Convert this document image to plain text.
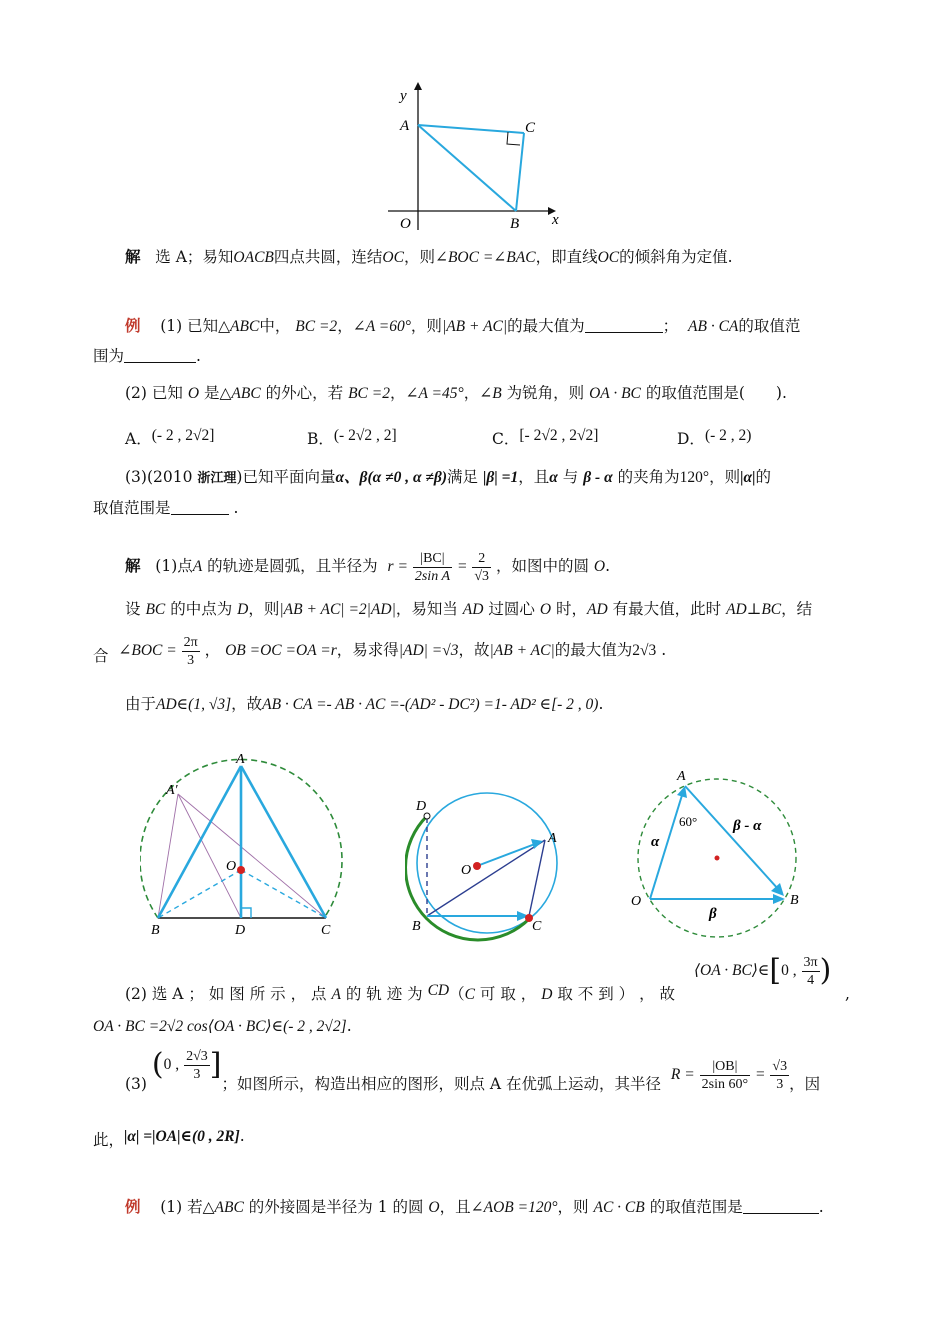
y
A	C
O	B x
解 选 A；易知OACB四点共圆，连结OC，则∠BOC =∠BAC，即直线OC的倾斜角为定值.
例 (1) 已知△ABC中， BC =2，∠A =60°，则|AB + AC|的最大值为	； AB · CA的取值范
围为	.
(2) 已知 O 是△ABC 的外心，若 BC =2，∠A =45°，∠B 为锐角，则 OA · BC 的取值范围是(　　).
A．(- 2 , 2√2]	B．(- 2√2 , 2]	C．[- 2√2 , 2√2]	D．(- 2 , 2)
(3)(2010 浙江理)已知平面向量α、β(α ≠0 , α ≠β)满足 |β| =1，且α 与 β - α 的夹角为120°，则|α|的
取值范围是	.
解 (1)点A 的轨迹是圆弧，且半径为 $r = \frac{|BC|}{\text{2sin A}} = \frac{2}{√3}$ ，如图中的圆 O.
设 BC 的中点为 D，则|AB + AC| =2|AD|，易知当 AD 过圆心 O 时，AD 有最大值，此时 AD⊥BC，结
合 ∠BOC = $\frac{2\pi}{3}$ ， OB =OC =OA =r，易求得|AD| =√3，故|AB + AC|的最大值为2√3 .
由于AD∈(1, √3]，故AB · CA =- AB · AC =-(AD² - DC²) =1- AD² ∈[- 2 , 0).
A
A′
O
B	D	C
D
A
O
B	C
A
60°
α
β - α
O	B
β
⟨OA · BC⟩∈[0 , $\frac{3\pi}{4}$ )
(2) 选 A ； 如 图 所 示 ， 点 A 的 轨 迹 为 CD（C 可 取 ， D 取 不 到 ） ， 故	,
OA · BC =2√2 cos⟨OA · BC⟩∈(- 2 , 2√2].
(3) (0 , $\frac{2√3}{3}$ ]；如图所示，构造出相应的图形，则点 A 在优弧上运动，其半径  $R = \frac{|OB|}{2\sin 60^\circ} = \frac{√3}{3}$ ，因
此，|α| =|OA|∈(0 , 2R].
例 (1) 若△ABC 的外接圆是半径为 1 的圆 O，且∠AOB =120°，则 AC · CB 的取值范围是	.
